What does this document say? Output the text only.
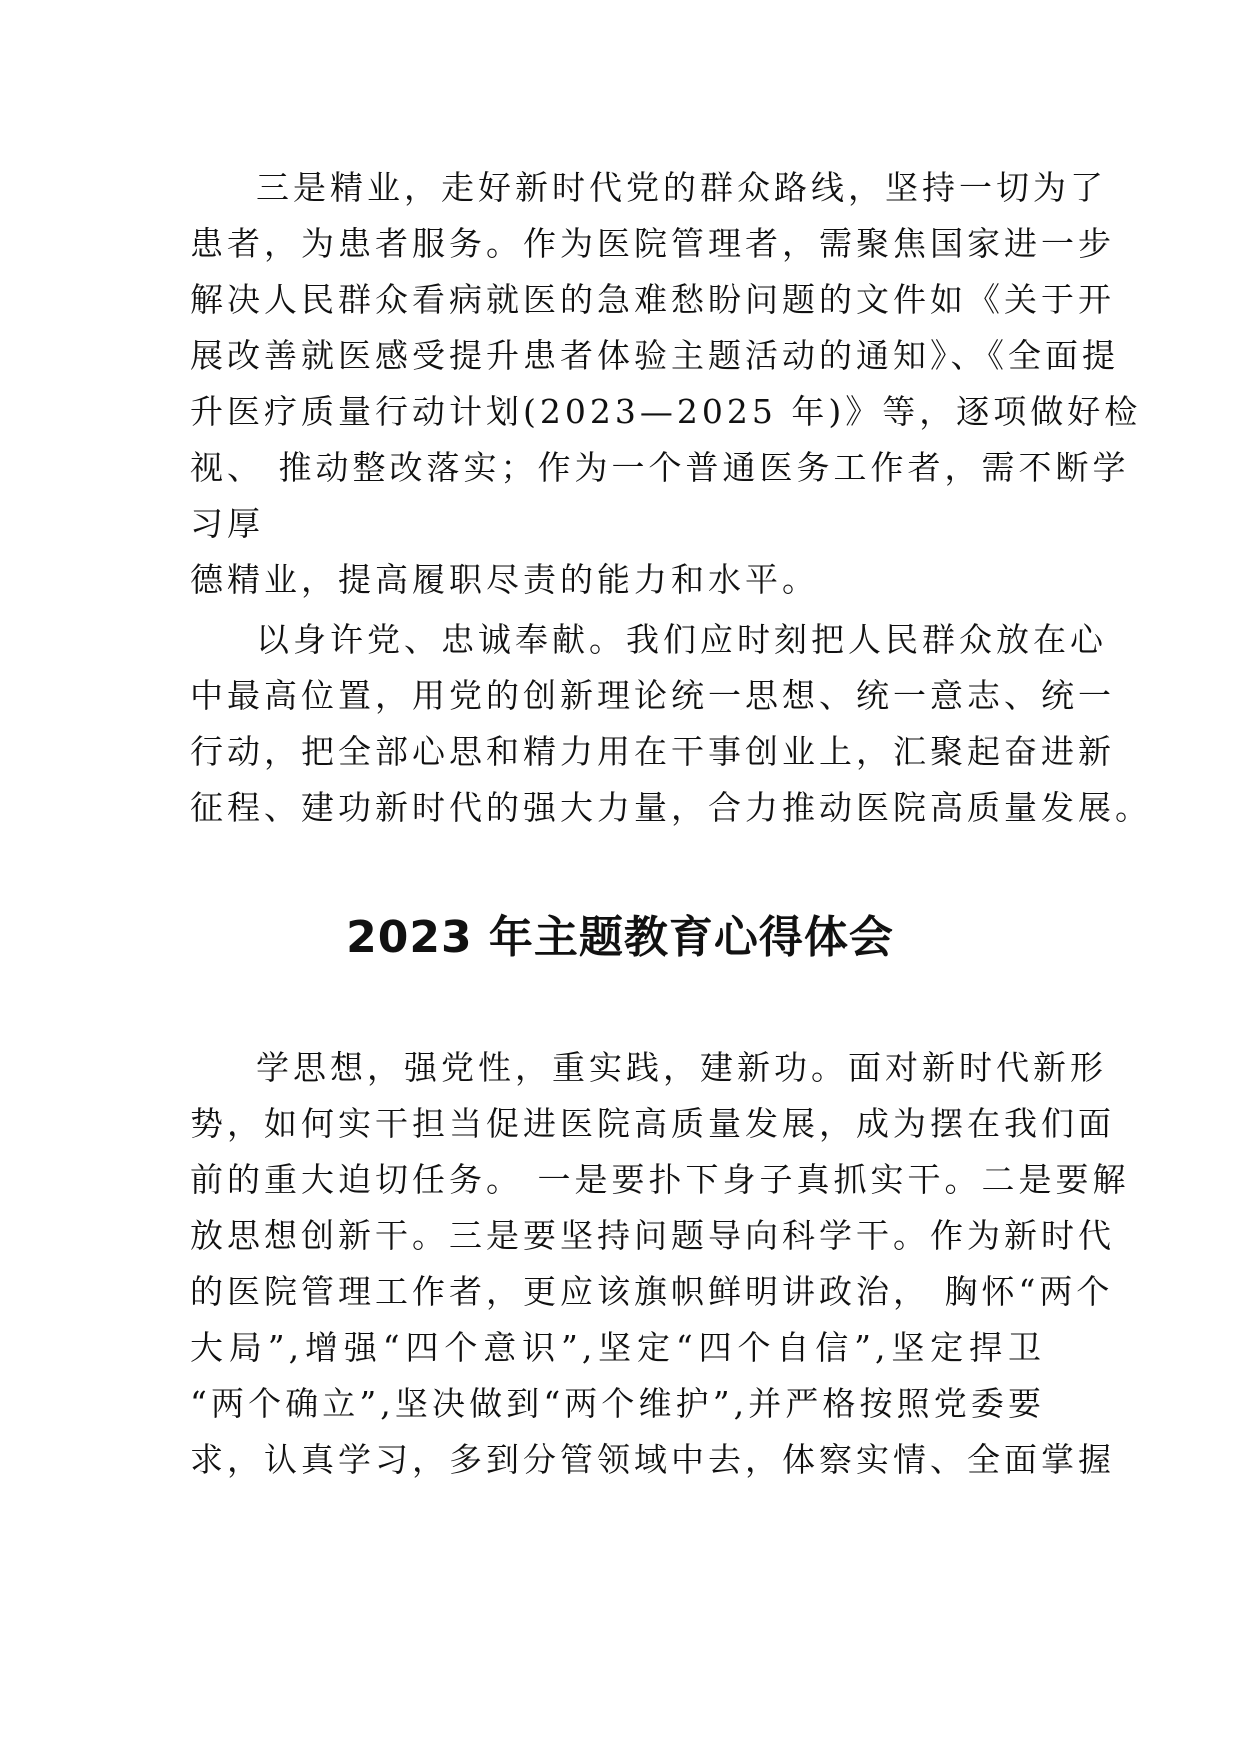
三是精业，走好新时代党的群众路线，坚持一切为了
患者，为患者服务。作为医院管理者，需聚焦国家进一步
解决人民群众看病就医的急难愁盼问题的文件如《关于开
展改善就医感受提升患者体验主题活动的通知》、《全面提
升医疗质量行动计划(2023—2025 年)》等，逐项做好检
视、 推动整改落实；作为一个普通医务工作者，需不断学
习厚
德精业，提高履职尽责的能力和水平。
以身许党、忠诚奉献。我们应时刻把人民群众放在心
中最高位置，用党的创新理论统一思想、统一意志、统一
行动，把全部心思和精力用在干事创业上，汇聚起奋进新
征程、建功新时代的强大力量，合力推动医院高质量发展。
2023 年主题教育心得体会
学思想，强党性，重实践，建新功。面对新时代新形
势，如何实干担当促进医院高质量发展，成为摆在我们面
前的重大迫切任务。 一是要扑下身子真抓实干。二是要解
放思想创新干。三是要坚持问题导向科学干。作为新时代
的医院管理工作者，更应该旗帜鲜明讲政治， 胸怀“两个
大局”,增强“四个意识”,坚定“四个自信”,坚定捍卫
“两个确立”,坚决做到“两个维护”,并严格按照党委要
求，认真学习，多到分管领域中去，体察实情、全面掌握
